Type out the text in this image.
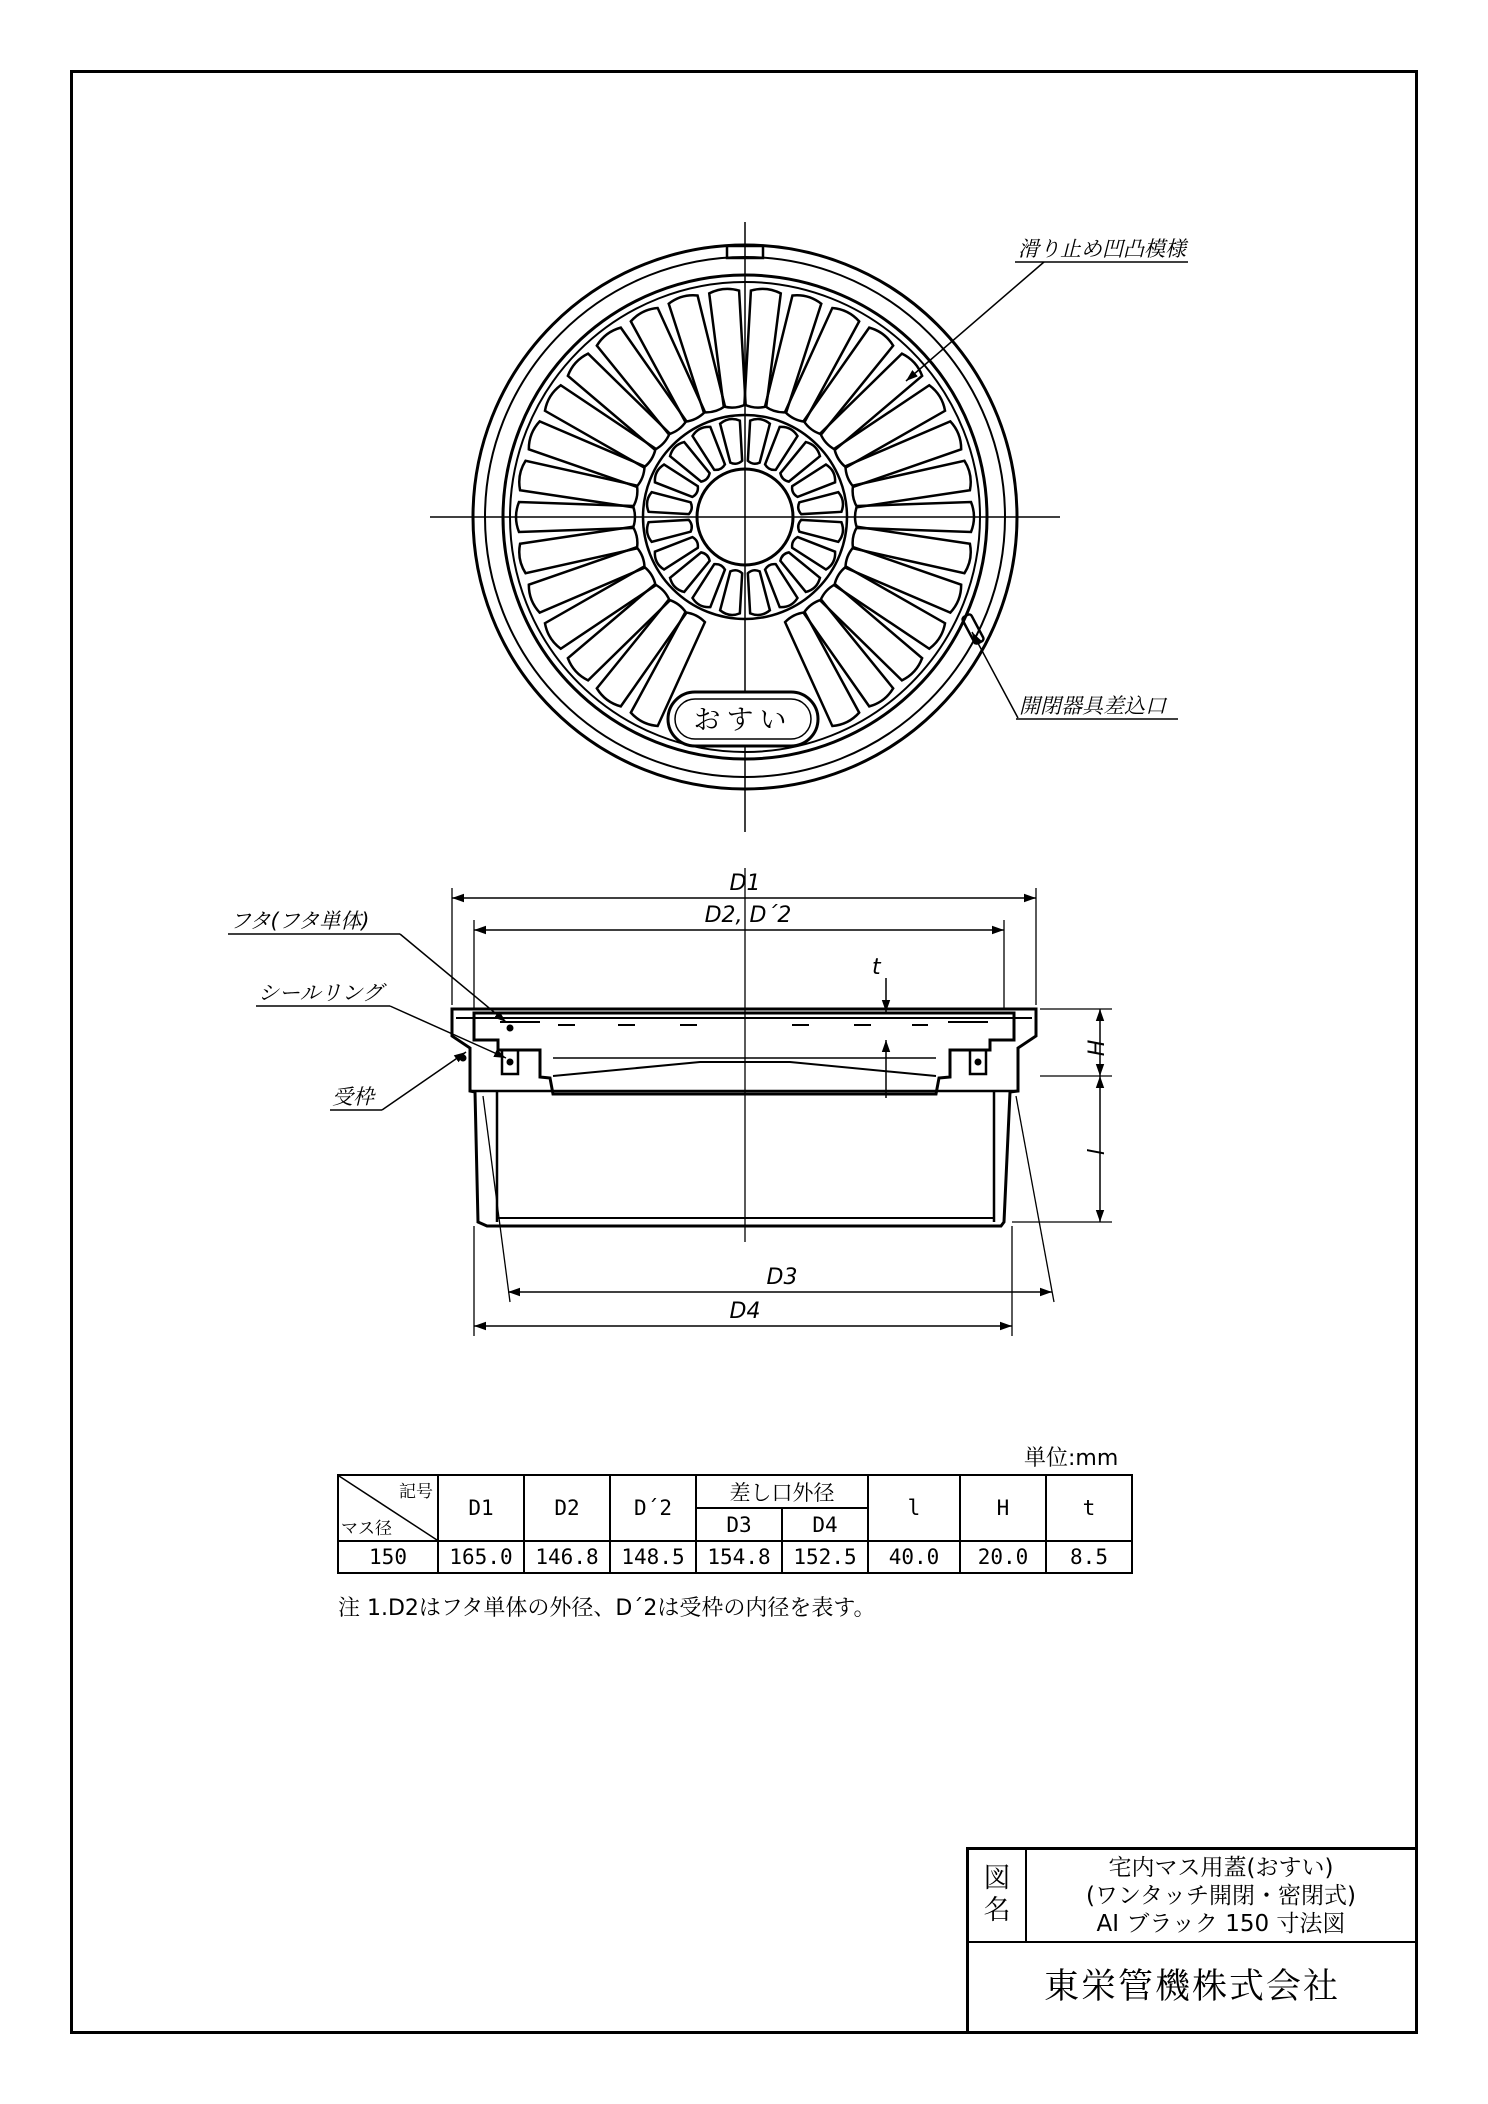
おすい
滑り止め凹凸模様
開閉器具差込口
D1
D2, D´2
t
H
l
D3
D4
フタ(フタ単体)
シールリング
受枠
単位:mm
記号
マス径	D1	D2	D´2	差し口外径		l	H	t
				D3	D4			
150	165.0	146.8	148.5	154.8	152.5	40.0	20.0	8.5
注 1.D2はフタ単体の外径、D´2は受枠の内径を表す。
図名
宅内マス用蓋(おすい)
(ワンタッチ開閉・密閉式)
AI ブラック 150 寸法図
東栄管機株式会社
